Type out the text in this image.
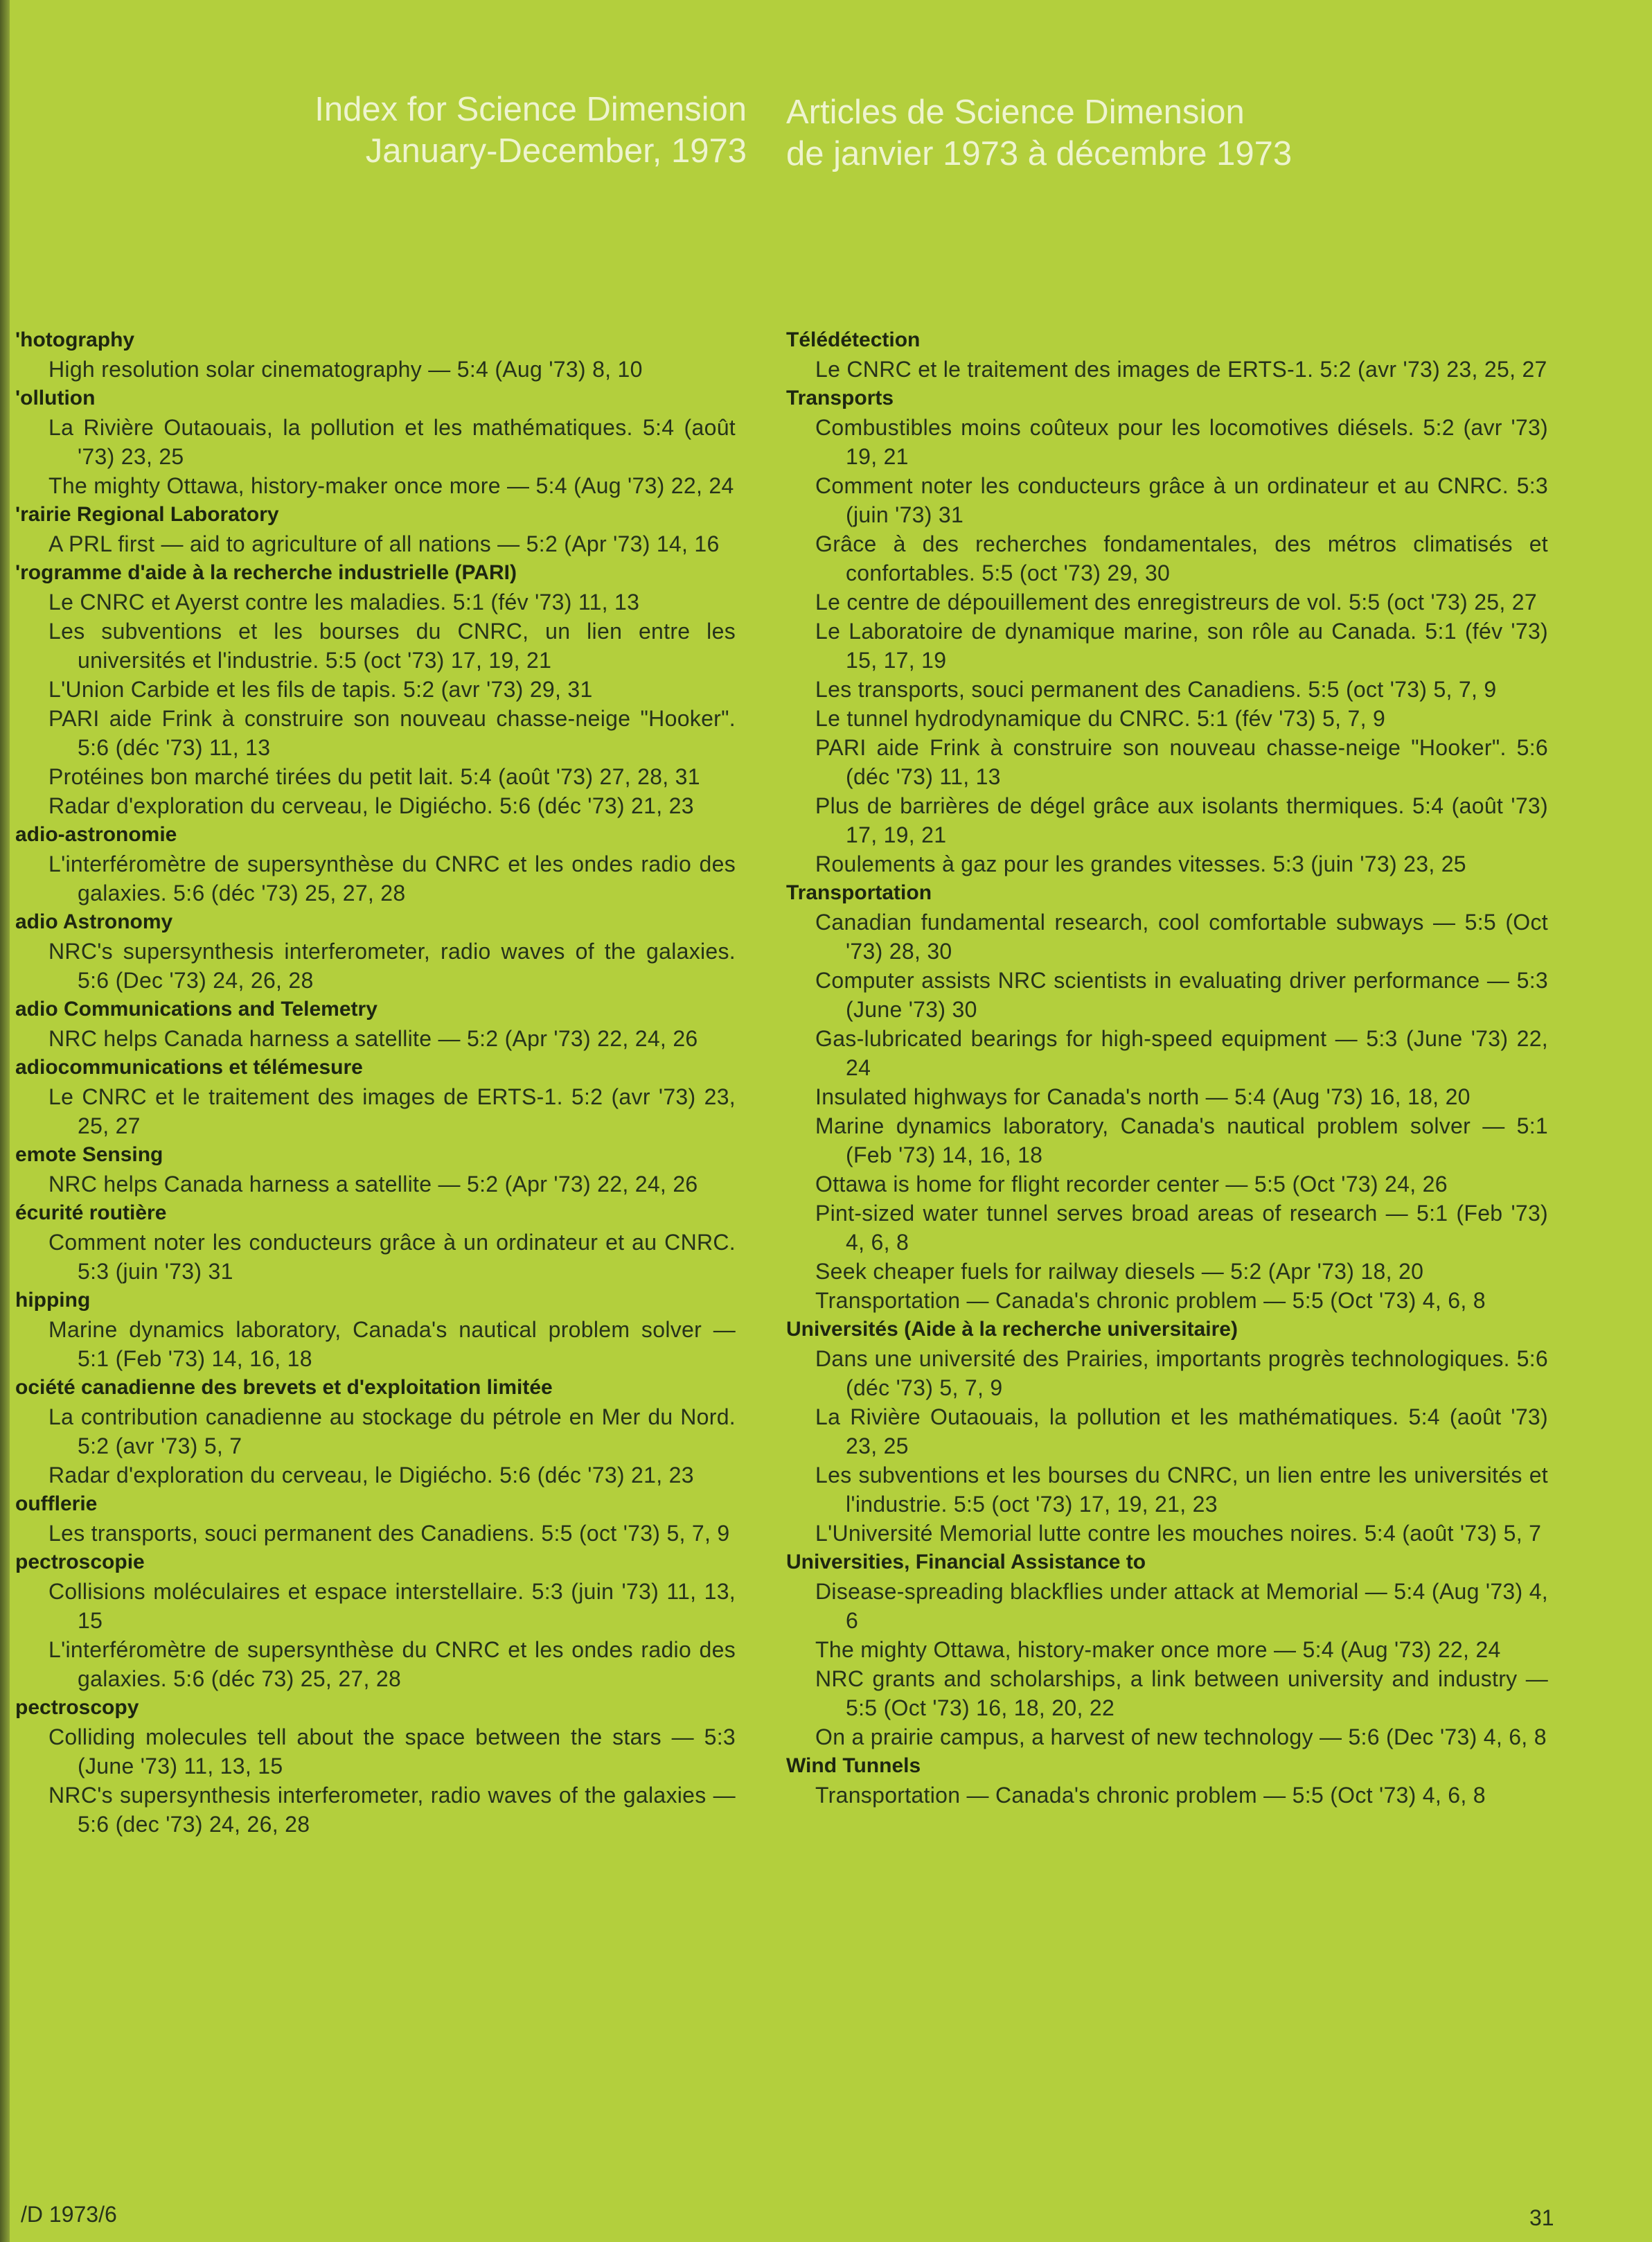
Index for Science Dimension
January-December, 1973
Articles de Science Dimension
de janvier 1973 à décembre 1973
'hotography
High resolution solar cinematography — 5:4 (Aug '73) 8, 10
'ollution
La Rivière Outaouais, la pollution et les mathématiques. 5:4 (août '73) 23, 25
The mighty Ottawa, history-maker once more — 5:4 (Aug '73) 22, 24
'rairie Regional Laboratory
A PRL first — aid to agriculture of all nations — 5:2 (Apr '73) 14, 16
'rogramme d'aide à la recherche industrielle (PARI)
Le CNRC et Ayerst contre les maladies. 5:1 (fév '73) 11, 13
Les subventions et les bourses du CNRC, un lien entre les universités et l'industrie. 5:5 (oct '73) 17, 19, 21
L'Union Carbide et les fils de tapis. 5:2 (avr '73) 29, 31
PARI aide Frink à construire son nouveau chasse-neige "Hooker". 5:6 (déc '73) 11, 13
Protéines bon marché tirées du petit lait. 5:4 (août '73) 27, 28, 31
Radar d'exploration du cerveau, le Digiécho. 5:6 (déc '73) 21, 23
adio-astronomie
L'interféromètre de supersynthèse du CNRC et les ondes radio des galaxies. 5:6 (déc '73) 25, 27, 28
adio Astronomy
NRC's supersynthesis interferometer, radio waves of the galaxies. 5:6 (Dec '73) 24, 26, 28
adio Communications and Telemetry
NRC helps Canada harness a satellite — 5:2 (Apr '73) 22, 24, 26
adiocommunications et télémesure
Le CNRC et le traitement des images de ERTS-1. 5:2 (avr '73) 23, 25, 27
emote Sensing
NRC helps Canada harness a satellite — 5:2 (Apr '73) 22, 24, 26
écurité routière
Comment noter les conducteurs grâce à un ordinateur et au CNRC. 5:3 (juin '73) 31
hipping
Marine dynamics laboratory, Canada's nautical problem solver — 5:1 (Feb '73) 14, 16, 18
ociété canadienne des brevets et d'exploitation limitée
La contribution canadienne au stockage du pétrole en Mer du Nord. 5:2 (avr '73) 5, 7
Radar d'exploration du cerveau, le Digiécho. 5:6 (déc '73) 21, 23
oufflerie
Les transports, souci permanent des Canadiens. 5:5 (oct '73) 5, 7, 9
pectroscopie
Collisions moléculaires et espace interstellaire. 5:3 (juin '73) 11, 13, 15
L'interféromètre de supersynthèse du CNRC et les ondes radio des galaxies. 5:6 (déc 73) 25, 27, 28
pectroscopy
Colliding molecules tell about the space between the stars — 5:3 (June '73) 11, 13, 15
NRC's supersynthesis interferometer, radio waves of the galaxies — 5:6 (dec '73) 24, 26, 28
Télédétection
Le CNRC et le traitement des images de ERTS-1. 5:2 (avr '73) 23, 25, 27
Transports
Combustibles moins coûteux pour les locomotives diésels. 5:2 (avr '73) 19, 21
Comment noter les conducteurs grâce à un ordinateur et au CNRC. 5:3 (juin '73) 31
Grâce à des recherches fondamentales, des métros climatisés et confortables. 5:5 (oct '73) 29, 30
Le centre de dépouillement des enregistreurs de vol. 5:5 (oct '73) 25, 27
Le Laboratoire de dynamique marine, son rôle au Canada. 5:1 (fév '73) 15, 17, 19
Les transports, souci permanent des Canadiens. 5:5 (oct '73) 5, 7, 9
Le tunnel hydrodynamique du CNRC. 5:1 (fév '73) 5, 7, 9
PARI aide Frink à construire son nouveau chasse-neige "Hooker". 5:6 (déc '73) 11, 13
Plus de barrières de dégel grâce aux isolants thermiques. 5:4 (août '73) 17, 19, 21
Roulements à gaz pour les grandes vitesses. 5:3 (juin '73) 23, 25
Transportation
Canadian fundamental research, cool comfortable subways — 5:5 (Oct '73) 28, 30
Computer assists NRC scientists in evaluating driver performance — 5:3 (June '73) 30
Gas-lubricated bearings for high-speed equipment — 5:3 (June '73) 22, 24
Insulated highways for Canada's north — 5:4 (Aug '73) 16, 18, 20
Marine dynamics laboratory, Canada's nautical problem solver — 5:1 (Feb '73) 14, 16, 18
Ottawa is home for flight recorder center — 5:5 (Oct '73) 24, 26
Pint-sized water tunnel serves broad areas of research — 5:1 (Feb '73) 4, 6, 8
Seek cheaper fuels for railway diesels — 5:2 (Apr '73) 18, 20
Transportation — Canada's chronic problem — 5:5 (Oct '73) 4, 6, 8
Universités (Aide à la recherche universitaire)
Dans une université des Prairies, importants progrès technologiques. 5:6 (déc '73) 5, 7, 9
La Rivière Outaouais, la pollution et les mathématiques. 5:4 (août '73) 23, 25
Les subventions et les bourses du CNRC, un lien entre les universités et l'industrie. 5:5 (oct '73) 17, 19, 21, 23
L'Université Memorial lutte contre les mouches noires. 5:4 (août '73) 5, 7
Universities, Financial Assistance to
Disease-spreading blackflies under attack at Memorial — 5:4 (Aug '73) 4, 6
The mighty Ottawa, history-maker once more — 5:4 (Aug '73) 22, 24
NRC grants and scholarships, a link between university and industry — 5:5 (Oct '73) 16, 18, 20, 22
On a prairie campus, a harvest of new technology — 5:6 (Dec '73) 4, 6, 8
Wind Tunnels
Transportation — Canada's chronic problem — 5:5 (Oct '73) 4, 6, 8
/D 1973/6	31
